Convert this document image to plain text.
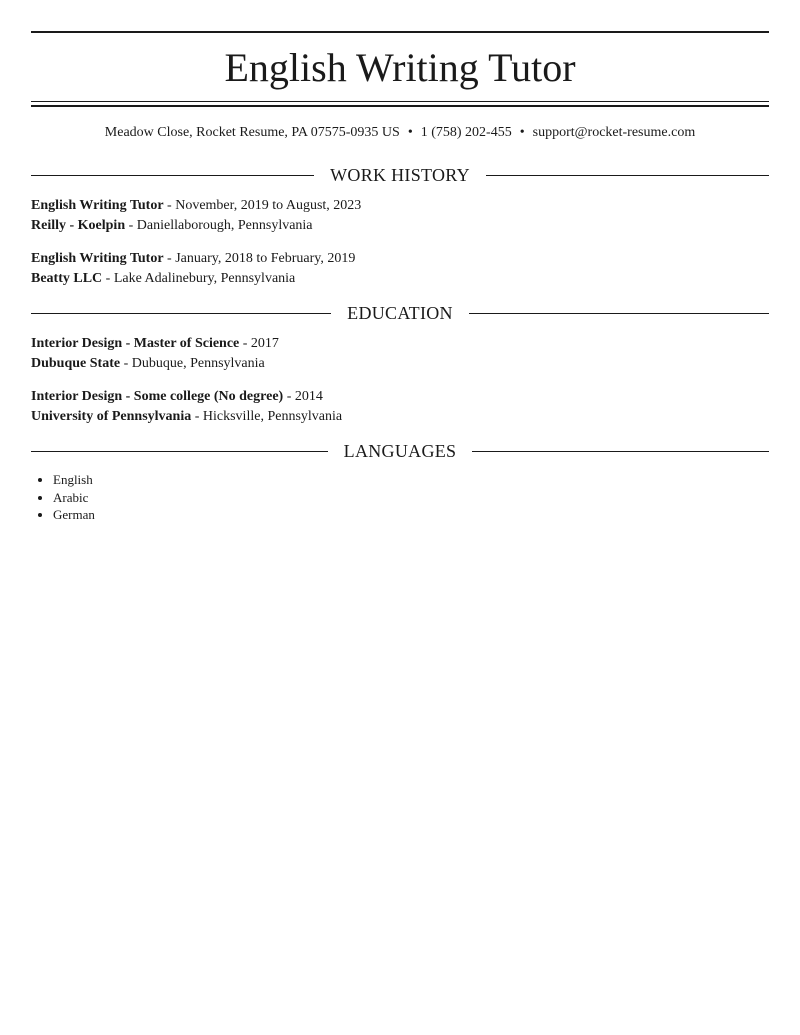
English Writing Tutor
Meadow Close, Rocket Resume, PA 07575-0935 US • 1 (758) 202-455 • support@rocket-resume.com
WORK HISTORY
English Writing Tutor - November, 2019 to August, 2023
Reilly - Koelpin - Daniellaborough, Pennsylvania
English Writing Tutor - January, 2018 to February, 2019
Beatty LLC - Lake Adalinebury, Pennsylvania
EDUCATION
Interior Design - Master of Science - 2017
Dubuque State - Dubuque, Pennsylvania
Interior Design - Some college (No degree) - 2014
University of Pennsylvania - Hicksville, Pennsylvania
LANGUAGES
• English
• Arabic
• German
